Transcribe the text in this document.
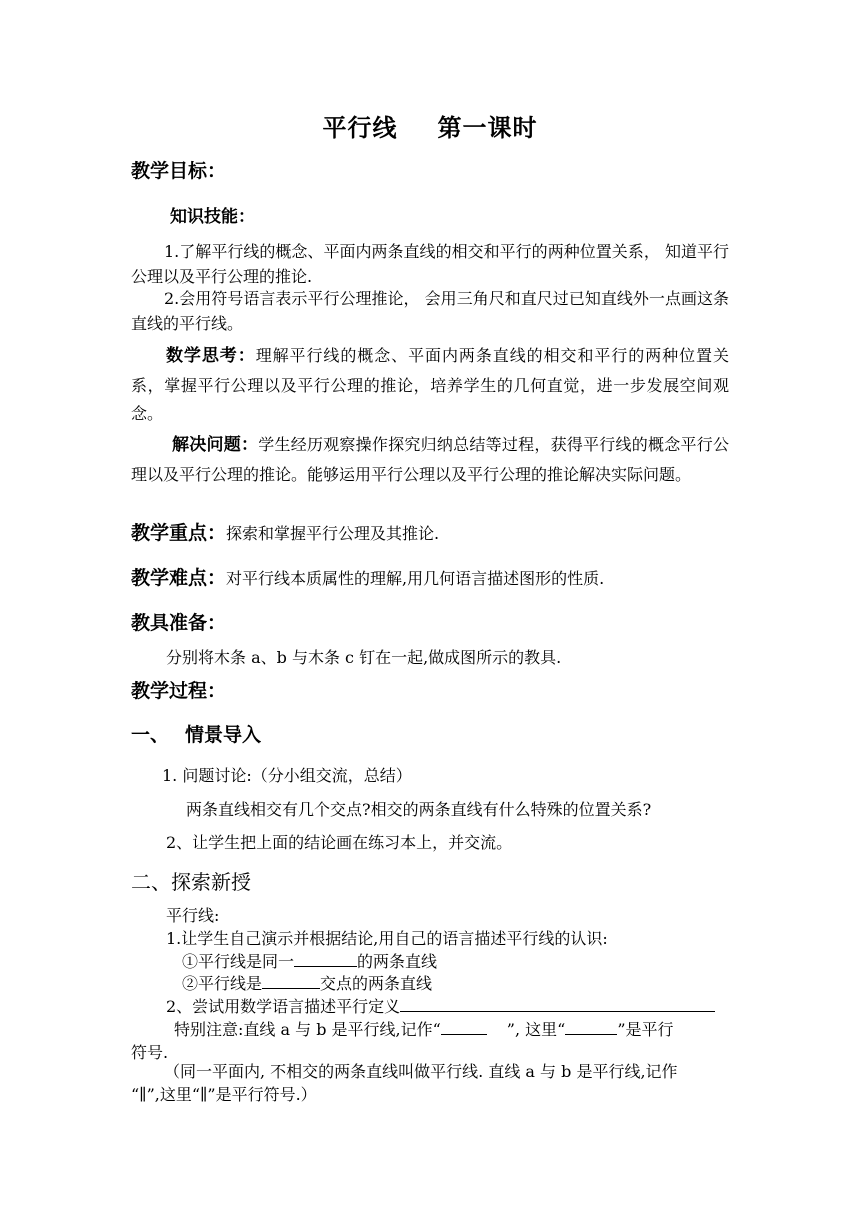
平行线 第一课时
教学目标：
知识技能：
1.了解平行线的概念、平面内两条直线的相交和平行的两种位置关系， 知道平行公理以及平行公理的推论.
2.会用符号语言表示平行公理推论， 会用三角尺和直尺过已知直线外一点画这条直线的平行线。
数学思考：理解平行线的概念、平面内两条直线的相交和平行的两种位置关系，掌握平行公理以及平行公理的推论，培养学生的几何直觉，进一步发展空间观念。
解决问题：学生经历观察操作探究归纳总结等过程，获得平行线的概念平行公理以及平行公理的推论。能够运用平行公理以及平行公理的推论解决实际问题。
教学重点：探索和掌握平行公理及其推论.
教学难点：对平行线本质属性的理解,用几何语言描述图形的性质.
教具准备：
分别将木条 a、b 与木条 c 钉在一起,做成图所示的教具.
教学过程：
一、 情景导入
1. 问题讨论:（分小组交流，总结）
两条直线相交有几个交点?相交的两条直线有什么特殊的位置关系?
2、让学生把上面的结论画在练习本上，并交流。
二、探索新授
平行线:
1.让学生自己演示并根据结论,用自己的语言描述平行线的认识:
①平行线是同一	的两条直线
②平行线是	交点的两条直线
2、尝试用数学语言描述平行定义
特别注意:直线 a 与 b 是平行线,记作“	”, 这里“	”是平行
符号.
（同一平面内, 不相交的两条直线叫做平行线. 直线 a 与 b 是平行线,记作
“∥”,这里“∥”是平行符号.）
